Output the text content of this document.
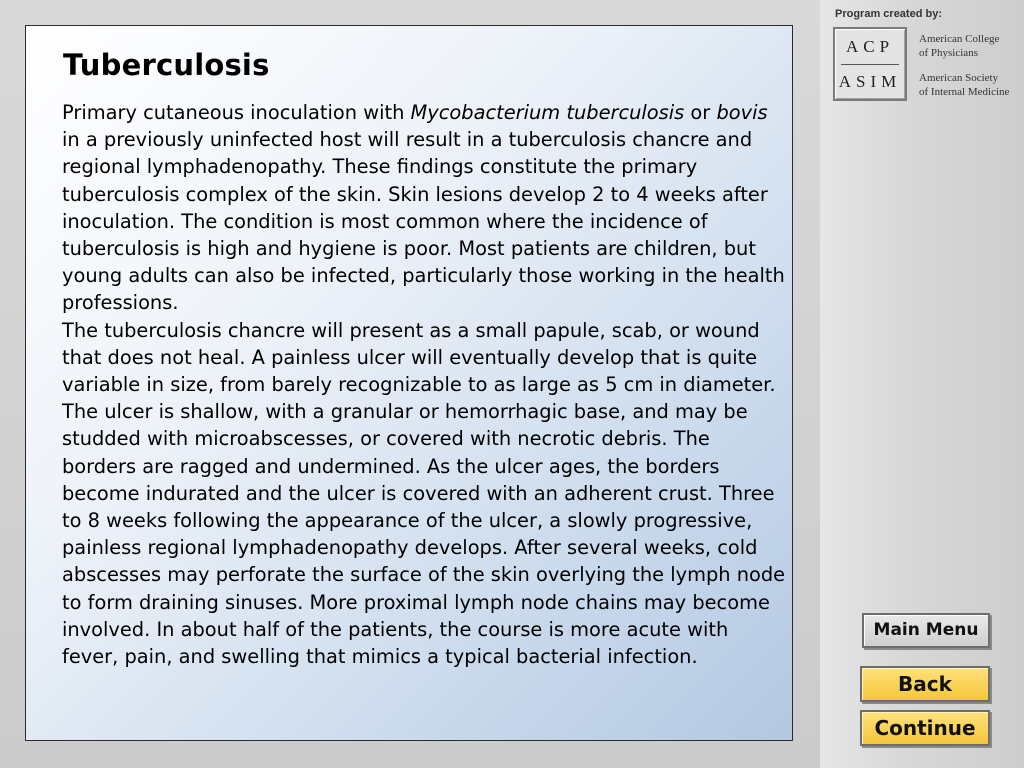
Tuberculosis

Primary cutaneous inoculation with Mycobacterium tuberculosis or bovis in a previously uninfected host will result in a tuberculosis chancre and regional lymphadenopathy. These findings constitute the primary tuberculosis complex of the skin. Skin lesions develop 2 to 4 weeks after inoculation. The condition is most common where the incidence of tuberculosis is high and hygiene is poor. Most patients are children, but young adults can also be infected, particularly those working in the health professions.

The tuberculosis chancre will present as a small papule, scab, or wound that does not heal. A painless ulcer will eventually develop that is quite variable in size, from barely recognizable to as large as 5 cm in diameter. The ulcer is shallow, with a granular or hemorrhagic base, and may be studded with microabscesses, or covered with necrotic debris. The borders are ragged and undermined. As the ulcer ages, the borders become indurated and the ulcer is covered with an adherent crust. Three to 8 weeks following the appearance of the ulcer, a slowly progressive, painless regional lymphadenopathy develops. After several weeks, cold abscesses may perforate the surface of the skin overlying the lymph node to form draining sinuses. More proximal lymph node chains may become involved. In about half of the patients, the course is more acute with fever, pain, and swelling that mimics a typical bacterial infection.

Program created by:
ACP
ASIM
American College
of Physicians
American Society
of Internal Medicine
Main Menu
Back
Continue
